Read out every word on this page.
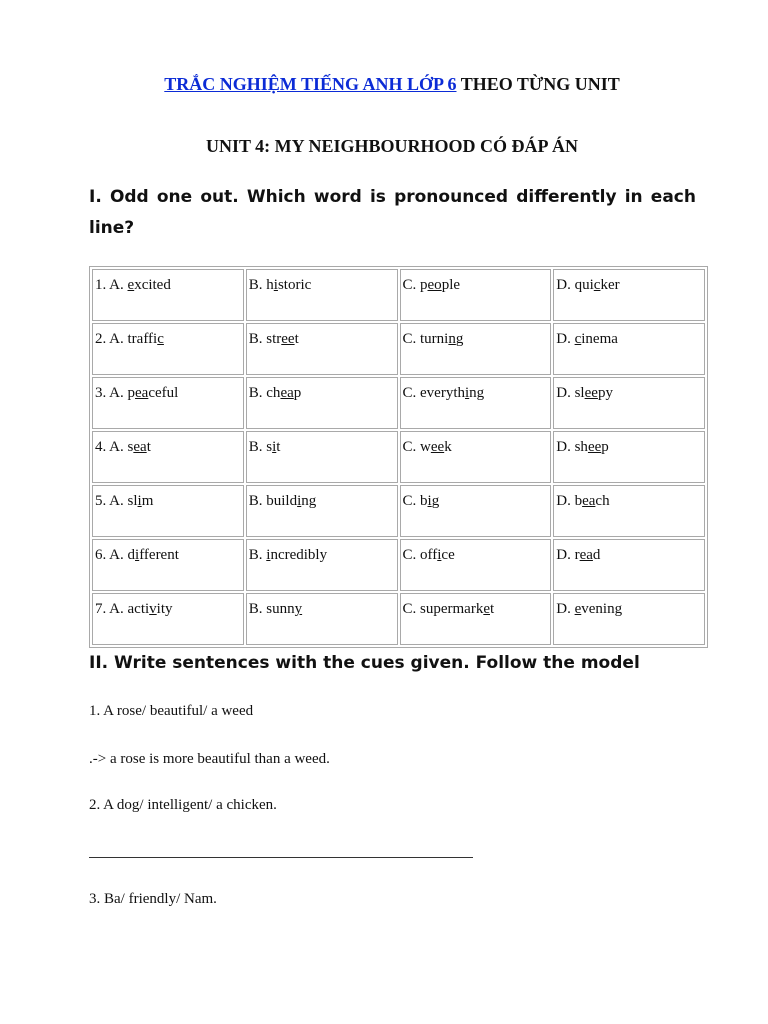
TRẮC NGHIỆM TIẾNG ANH LỚP 6 THEO TỪNG UNIT
UNIT 4: MY NEIGHBOURHOOD CÓ ĐÁP ÁN

I. Odd one out. Which word is pronounced differently in each line?

1. A. excited	B. historic	C. people	D. quicker
2. A. traffic	B. street	C. turning	D. cinema
3. A. peaceful	B. cheap	C. everything	D. sleepy
4. A. seat	B. sit	C. week	D. sheep
5. A. slim	B. building	C. big	D. beach
6. A. different	B. incredibly	C. office	D. read
7. A. activity	B. sunny	C. supermarket	D. evening

II. Write sentences with the cues given. Follow the model

1. A rose/ beautiful/ a weed

.-> a rose is more beautiful than a weed.

2. A dog/ intelligent/ a chicken.

3. Ba/ friendly/ Nam.
